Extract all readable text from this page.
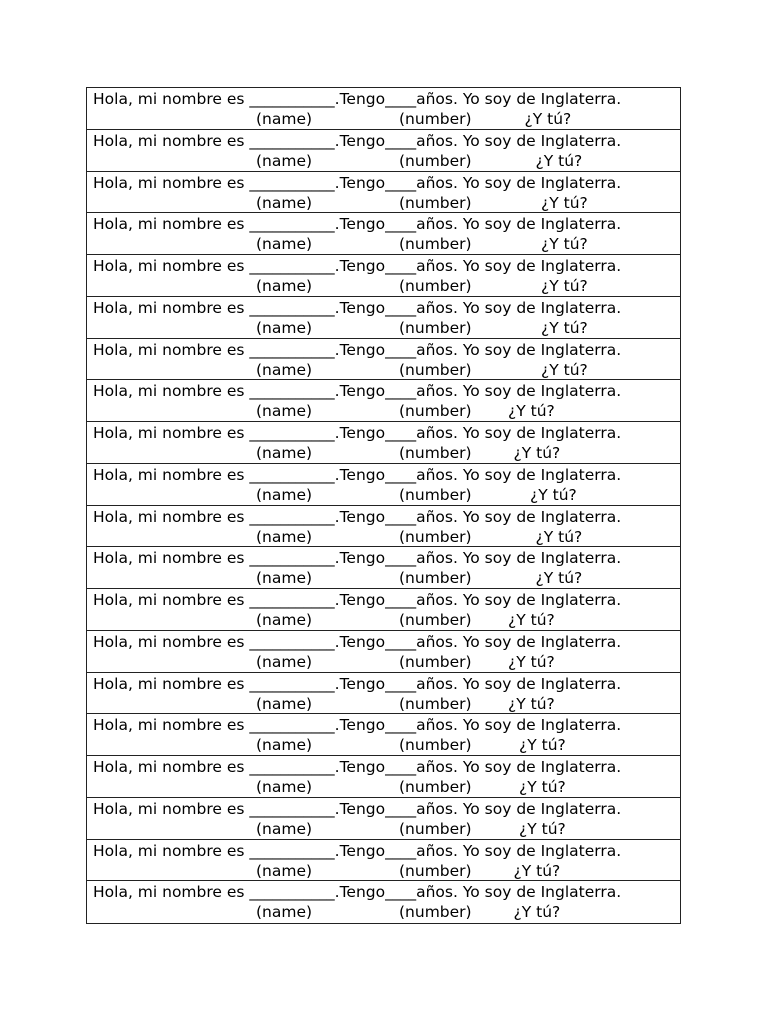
Hola, mi nombre es ___________.Tengo____años. Yo soy de Inglaterra.
(name)	(number)	¿Y tú?
Hola, mi nombre es ___________.Tengo____años. Yo soy de Inglaterra.
(name)	(number)	¿Y tú?
Hola, mi nombre es ___________.Tengo____años. Yo soy de Inglaterra.
(name)	(number)	¿Y tú?
Hola, mi nombre es ___________.Tengo____años. Yo soy de Inglaterra.
(name)	(number)	¿Y tú?
Hola, mi nombre es ___________.Tengo____años. Yo soy de Inglaterra.
(name)	(number)	¿Y tú?
Hola, mi nombre es ___________.Tengo____años. Yo soy de Inglaterra.
(name)	(number)	¿Y tú?
Hola, mi nombre es ___________.Tengo____años. Yo soy de Inglaterra.
(name)	(number)	¿Y tú?
Hola, mi nombre es ___________.Tengo____años. Yo soy de Inglaterra.
(name)	(number) ¿Y tú?
Hola, mi nombre es ___________.Tengo____años. Yo soy de Inglaterra.
(name)	(number)	¿Y tú?
Hola, mi nombre es ___________.Tengo____años. Yo soy de Inglaterra.
(name)	(number)	¿Y tú?
Hola, mi nombre es ___________.Tengo____años. Yo soy de Inglaterra.
(name)	(number)	¿Y tú?
Hola, mi nombre es ___________.Tengo____años. Yo soy de Inglaterra.
(name)	(number)	¿Y tú?
Hola, mi nombre es ___________.Tengo____años. Yo soy de Inglaterra.
(name)	(number) ¿Y tú?
Hola, mi nombre es ___________.Tengo____años. Yo soy de Inglaterra.
(name)	(number) ¿Y tú?
Hola, mi nombre es ___________.Tengo____años. Yo soy de Inglaterra.
(name)	(number) ¿Y tú?
Hola, mi nombre es ___________.Tengo____años. Yo soy de Inglaterra.
(name)	(number)	¿Y tú?
Hola, mi nombre es ___________.Tengo____años. Yo soy de Inglaterra.
(name)	(number)	¿Y tú?
Hola, mi nombre es ___________.Tengo____años. Yo soy de Inglaterra.
(name)	(number)	¿Y tú?
Hola, mi nombre es ___________.Tengo____años. Yo soy de Inglaterra.
(name)	(number)	¿Y tú?
Hola, mi nombre es ___________.Tengo____años. Yo soy de Inglaterra.
(name)	(number)	¿Y tú?
